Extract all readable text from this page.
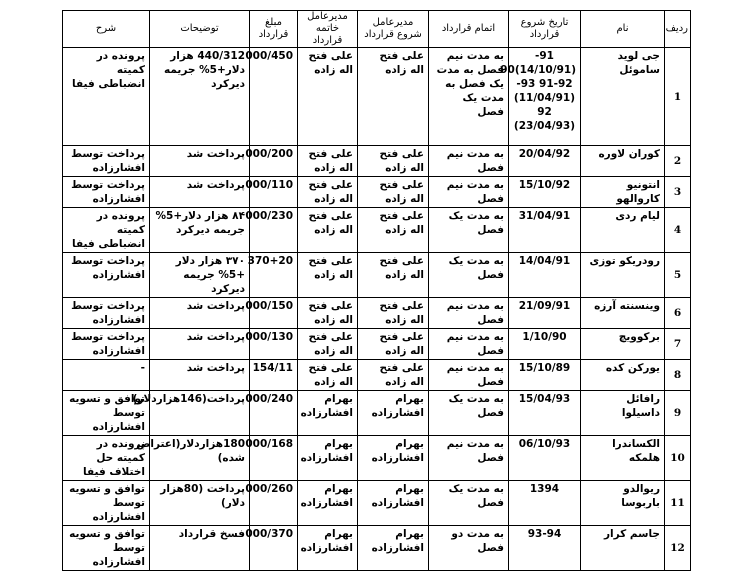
ردیف	نام	تاریخ شروع قرارداد	اتمام قرارداد	مدیرعامل شروع قرارداد	مدیرعامل خاتمه قرارداد	مبلغ قرارداد	توضیحات	شرح
1	جی لوید ساموئل	91-(14/10/91)90 91-92 93-(11/04/91) 92 (23/04/93)	به مدت نیم فصل به مدت یک فصل به مدت یک فصل	علی فتح اله زاده	علی فتح اله زاده	000/450	440/312 هزار دلار+5% جریمه دیرکرد	پرونده در کمیته انضباطی فیفا
2	کوران لاوره	20/04/92	به مدت نیم فصل	علی فتح اله زاده	علی فتح اله زاده	000/200	پرداخت شد	پرداخت توسط افشارزاده
3	انتونیو کاروالهو	15/10/92	به مدت نیم فصل	علی فتح اله زاده	علی فتح اله زاده	000/110	پرداخت شد	پرداخت توسط افشارزاده
4	لیام ردی	31/04/91	به مدت یک فصل	علی فتح اله زاده	علی فتح اله زاده	000/230	۸۴ هزار دلار+5% جریمه دیرکرد	پرونده در کمیته انضباطی فیفا
5	رودریکو توزی	14/04/91	به مدت یک فصل	علی فتح اله زاده	علی فتح اله زاده	370+20	۳۷۰ هزار دلار +5% جریمه دیرکرد	پرداخت توسط افشارزاده
6	وینسنته آرزه	21/09/91	به مدت نیم فصل	علی فتح اله زاده	علی فتح اله زاده	000/150	پرداخت شد	پرداخت توسط افشارزاده
7	برکوویچ	1/10/90	به مدت نیم فصل	علی فتح اله زاده	علی فتح اله زاده	000/130	پرداخت شد	پرداخت توسط افشارزاده
8	یورکن کده	15/10/89	به مدت نیم فصل	علی فتح اله زاده	علی فتح اله زاده	154/11	پرداخت شد	-
9	رافائل داسیلوا	15/04/93	به مدت یک فصل	بهرام افشارزاده	بهرام افشارزاده	000/240	پرداخت(146هزاردلار)	توافق و تسویه توسط افشارزاده
10	الکساندرا هلمکه	06/10/93	به مدت نیم فصل	بهرام افشارزاده	بهرام افشارزاده	000/168	180هزاردلار(اعتراض شده)	پرونده در کمیته حل اختلاف فیفا
11	ریوالدو باربوسا	1394	به مدت یک فصل	بهرام افشارزاده	بهرام افشارزاده	000/260	پرداخت (80هزار دلار)	توافق و تسویه توسط افشارزاده
12	جاسم کرار	93-94	به مدت دو فصل	بهرام افشارزاده	بهرام افشارزاده	000/370	فسخ قرارداد	توافق و تسویه توسط افشارزاده
